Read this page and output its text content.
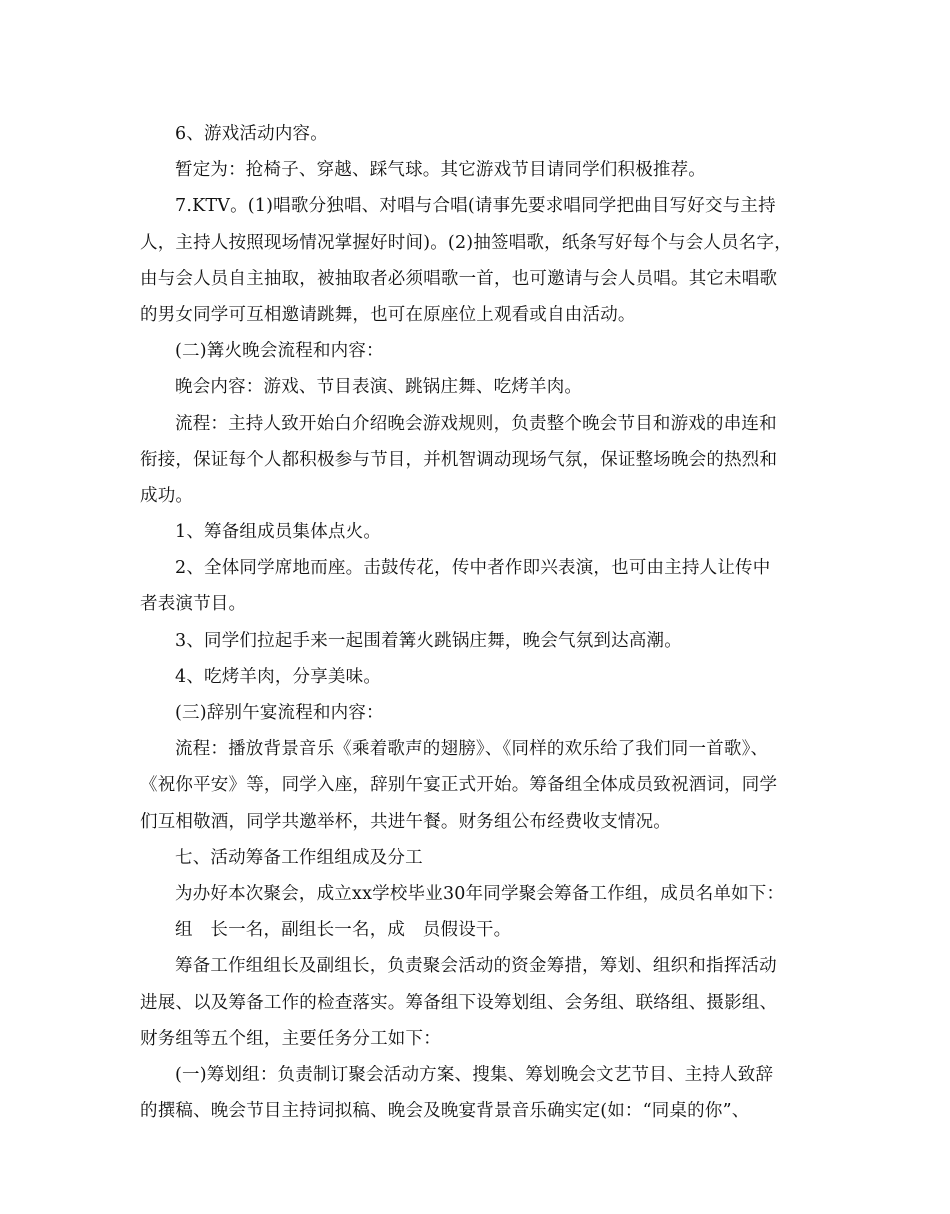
6、游戏活动内容。
暂定为：抢椅子、穿越、踩气球。其它游戏节目请同学们积极推荐。
7.KTV。(1)唱歌分独唱、对唱与合唱(请事先要求唱同学把曲目写好交与主持
人，主持人按照现场情况掌握好时间)。(2)抽签唱歌，纸条写好每个与会人员名字，
由与会人员自主抽取，被抽取者必须唱歌一首，也可邀请与会人员唱。其它未唱歌
的男女同学可互相邀请跳舞，也可在原座位上观看或自由活动。
(二)篝火晚会流程和内容：
晚会内容：游戏、节目表演、跳锅庄舞、吃烤羊肉。
流程：主持人致开始白介绍晚会游戏规则，负责整个晚会节目和游戏的串连和
衔接，保证每个人都积极参与节目，并机智调动现场气氛，保证整场晚会的热烈和
成功。
1、筹备组成员集体点火。
2、全体同学席地而座。击鼓传花，传中者作即兴表演，也可由主持人让传中
者表演节目。
3、同学们拉起手来一起围着篝火跳锅庄舞，晚会气氛到达高潮。
4、吃烤羊肉，分享美味。
(三)辞别午宴流程和内容：
流程：播放背景音乐《乘着歌声的翅膀》、《同样的欢乐给了我们同一首歌》、
《祝你平安》等，同学入座，辞别午宴正式开始。筹备组全体成员致祝酒词，同学
们互相敬酒，同学共邀举杯，共进午餐。财务组公布经费收支情况。
七、活动筹备工作组组成及分工
为办好本次聚会，成立xx学校毕业30年同学聚会筹备工作组，成员名单如下：
组　长一名，副组长一名，成　员假设干。
筹备工作组组长及副组长，负责聚会活动的资金筹措，筹划、组织和指挥活动
进展、以及筹备工作的检查落实。筹备组下设筹划组、会务组、联络组、摄影组、
财务组等五个组，主要任务分工如下：
(一)筹划组：负责制订聚会活动方案、搜集、筹划晚会文艺节目、主持人致辞
的撰稿、晚会节目主持词拟稿、晚会及晚宴背景音乐确实定(如：“同桌的你”、
